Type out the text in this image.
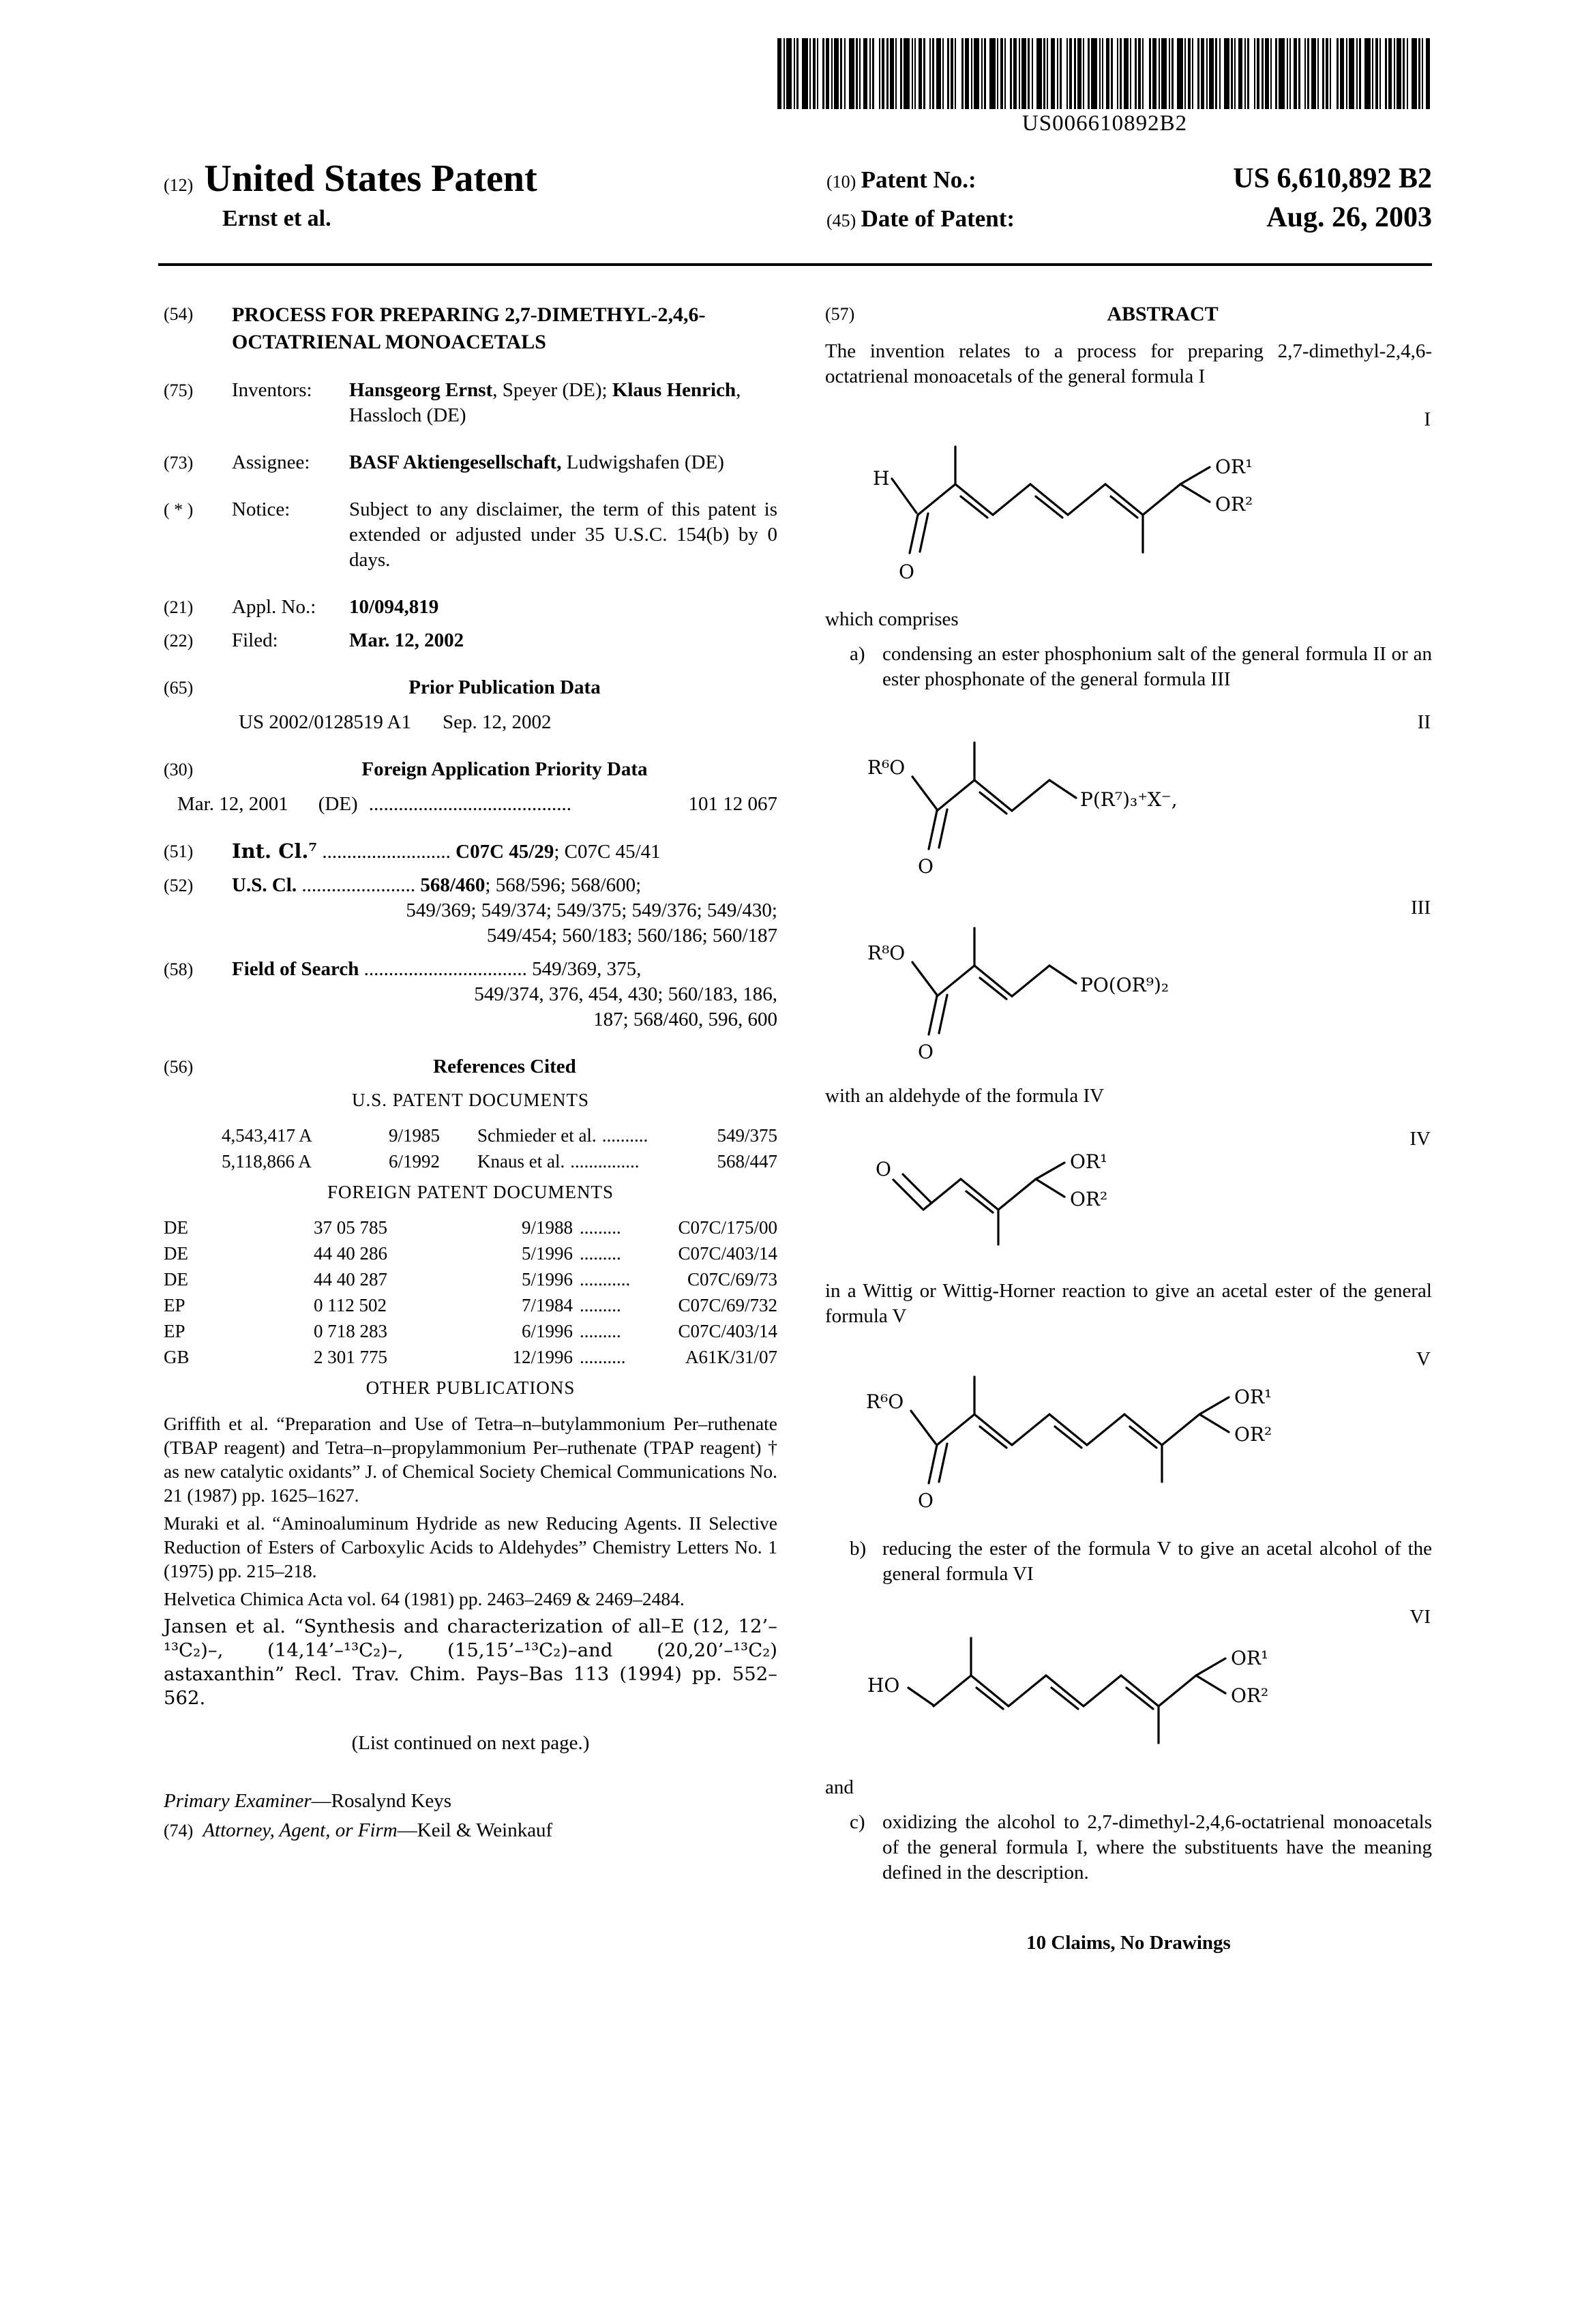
US006610892B2
(12) United States Patent
Ernst et al.
(10) Patent No.:	US 6,610,892 B2
(45) Date of Patent:	Aug. 26, 2003
(54)	PROCESS FOR PREPARING 2,7-DIMETHYL-2,4,6-OCTATRIENAL MONOACETALS
(75)	Inventors:	Hansgeorg Ernst, Speyer (DE); Klaus Henrich, Hassloch (DE)
(73)	Assignee:	BASF Aktiengesellschaft, Ludwigshafen (DE)
( * )	Notice:	Subject to any disclaimer, the term of this patent is extended or adjusted under 35 U.S.C. 154(b) by 0 days.
(21)	Appl. No.:	10/094,819
(22)	Filed:	Mar. 12, 2002
(65)	Prior Publication Data
US 2002/0128519 A1 Sep. 12, 2002
(30)	Foreign Application Priority Data
Mar. 12, 2001 (DE) .........................................	101 12 067
(51)	Int. Cl.⁷ .......................... C07C 45/29; C07C 45/41
(52)	U.S. Cl. ....................... 568/460; 568/596; 568/600;
549/369; 549/374; 549/375; 549/376; 549/430;
549/454; 560/183; 560/186; 560/187
(58)	Field of Search ................................. 549/369, 375,
549/374, 376, 454, 430; 560/183, 186,
187; 568/460, 596, 600
(56)	References Cited
U.S. PATENT DOCUMENTS
4,543,417 A	9/1985	Schmieder et al. ..........	549/375
5,118,866 A	6/1992	Knaus et al. ...............	568/447
FOREIGN PATENT DOCUMENTS
DE	37 05 785	9/1988 .........	C07C/175/00
DE	44 40 286	5/1996 .........	C07C/403/14
DE	44 40 287	5/1996 ...........	C07C/69/73
EP	0 112 502	7/1984 .........	C07C/69/732
EP	0 718 283	6/1996 .........	C07C/403/14
GB	2 301 775	12/1996 ..........	A61K/31/07
OTHER PUBLICATIONS

Griffith et al. “Preparation and Use of Tetra–n–butylammonium Per–ruthenate (TBAP reagent) and Tetra–n–propylammonium Per–ruthenate (TPAP reagent) † as new catalytic oxidants” J. of Chemical Society Chemical Communications No. 21 (1987) pp. 1625–1627.

Muraki et al. “Aminoaluminum Hydride as new Reducing Agents. II Selective Reduction of Esters of Carboxylic Acids to Aldehydes” Chemistry Letters No. 1 (1975) pp. 215–218.

Helvetica Chimica Acta vol. 64 (1981) pp. 2463–2469 & 2469–2484.

Jansen et al. “Synthesis and characterization of all–E (12, 12’–¹³C₂)–, (14,14’–¹³C₂)–, (15,15’–¹³C₂)–and (20,20’–¹³C₂) astaxanthin” Recl. Trav. Chim. Pays–Bas 113 (1994) pp. 552–562.

(List continued on next page.)
Primary Examiner—Rosalynd Keys
(74) Attorney, Agent, or Firm—Keil & Weinkauf
(57)	ABSTRACT

The invention relates to a process for preparing 2,7-dimethyl-2,4,6-octatrienal monoacetals of the general formula I

I
H
O
OR¹
OR²

which comprises

a) condensing an ester phosphonium salt of the general formula II or an ester phosphonate of the general formula III
II
R⁶O
O
P(R⁷)₃⁺X⁻,
III
R⁸O
O
PO(OR⁹)₂

with an aldehyde of the formula IV

IV
O	OR¹
OR²

in a Wittig or Wittig-Horner reaction to give an acetal ester of the general formula V

V
R⁶O
O
OR¹
OR²
b) reducing the ester of the formula V to give an acetal alcohol of the general formula VI
VI
HO
OR¹
OR²

and

c) oxidizing the alcohol to 2,7-dimethyl-2,4,6-octatrienal monoacetals of the general formula I, where the substituents have the meaning defined in the description.
10 Claims, No Drawings
